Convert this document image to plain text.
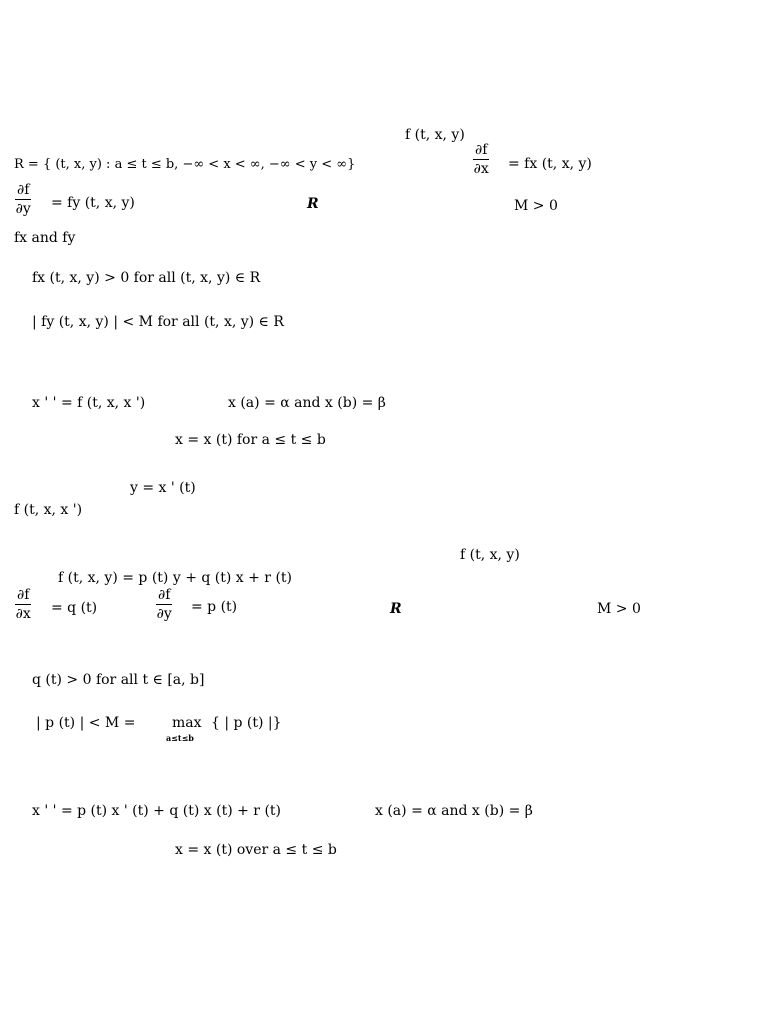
f (t, x, y)
R = { (t, x, y) : a ≤ t ≤ b, −∞ < x < ∞, −∞ < y < ∞}	$\frac{\partial f}{\partial x}$ = fx (t, x, y)
$\frac{\partial f}{\partial y}$ = fy (t, x, y)	R	M > 0
fx and fy
fx (t, x, y) > 0 for all (t, x, y) ∈ R
| fy (t, x, y) | < M for all (t, x, y) ∈ R
x ' ' = f (t, x, x ')	x (a) = α and x (b) = β
x = x (t) for a ≤ t ≤ b
y = x ' (t)
f (t, x, x ')
f (t, x, y)
f (t, x, y) = p (t) y + q (t) x + r (t)
$\frac{\partial f}{\partial x} = q$ (t)	$\frac{\partial f}{\partial y} = p$ (t)	R	M > 0
q (t) > 0 for all t ∈ [a, b]
| p (t) | < M =	max
a≤t≤b
{ | p (t) |}
x ' ' = p (t) x ' (t) + q (t) x (t) + r (t)	x (a) = α and x (b) = β
x = x (t) over a ≤ t ≤ b
